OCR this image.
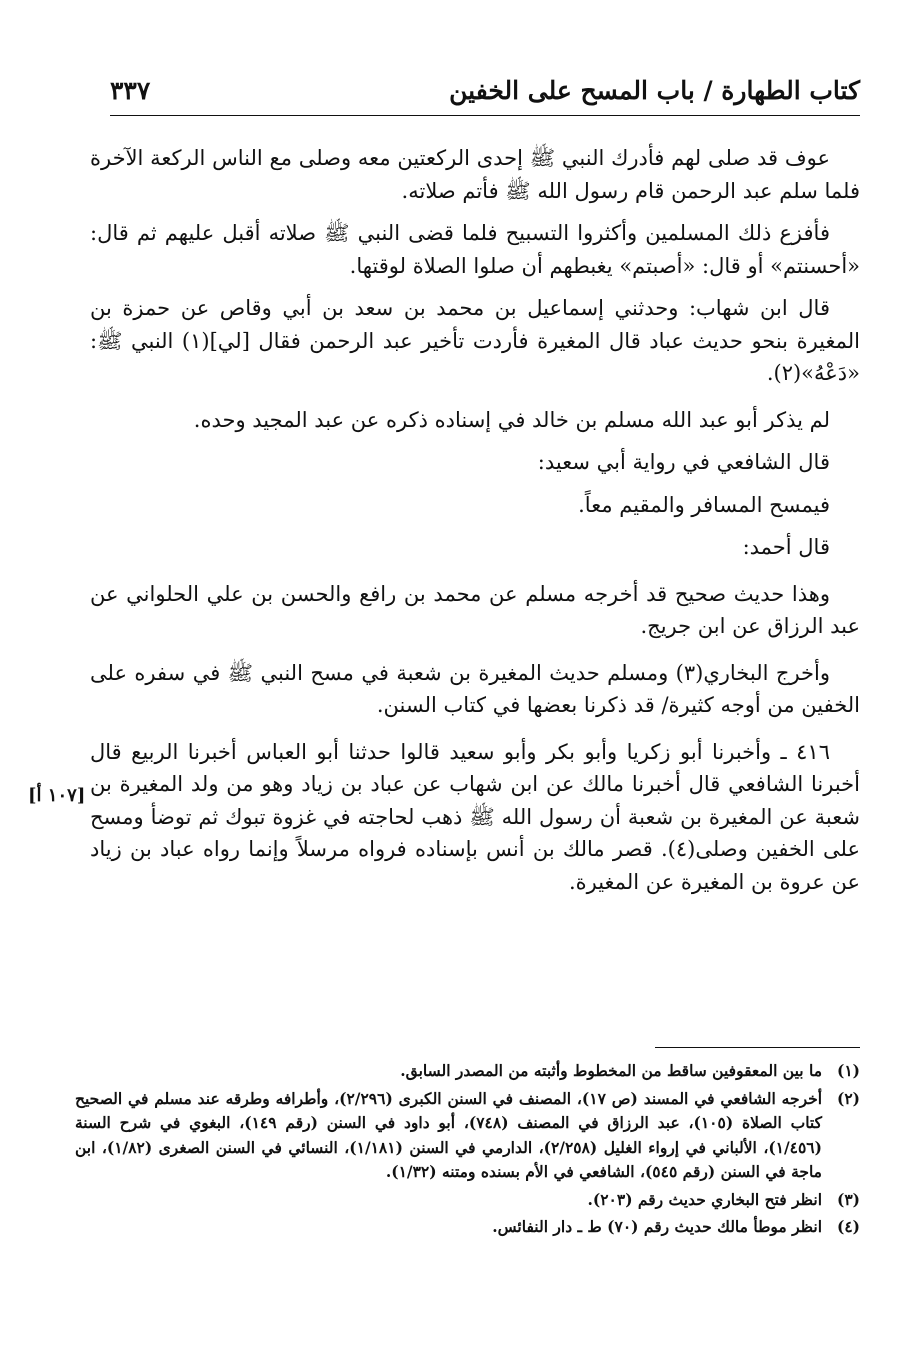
كتاب الطهارة / باب المسح على الخفين
٣٣٧

عوف قد صلى لهم فأدرك النبي ﷺ إحدى الركعتين معه وصلى مع الناس الركعة الآخرة فلما سلم عبد الرحمن قام رسول الله ﷺ فأتم صلاته.

فأفزع ذلك المسلمين وأكثروا التسبيح فلما قضى النبي ﷺ صلاته أقبل عليهم ثم قال: «أحسنتم» أو قال: «أصبتم» يغبطهم أن صلوا الصلاة لوقتها.

قال ابن شهاب: وحدثني إسماعيل بن محمد بن سعد بن أبي وقاص عن حمزة بن المغيرة بنحو حديث عباد قال المغيرة فأردت تأخير عبد الرحمن فقال [لي](١) النبي ﷺ: «دَعْهُ»(٢).

لم يذكر أبو عبد الله مسلم بن خالد في إسناده ذكره عن عبد المجيد وحده.

قال الشافعي في رواية أبي سعيد:

فيمسح المسافر والمقيم معاً.

قال أحمد:

وهذا حديث صحيح قد أخرجه مسلم عن محمد بن رافع والحسن بن علي الحلواني عن عبد الرزاق عن ابن جريج.

وأخرج البخاري(٣) ومسلم حديث المغيرة بن شعبة في مسح النبي ﷺ في سفره على الخفين من أوجه كثيرة/ قد ذكرنا بعضها في كتاب السنن.

٤١٦ ـ وأخبرنا أبو زكريا وأبو بكر وأبو سعيد قالوا حدثنا أبو العباس أخبرنا الربيع قال أخبرنا الشافعي قال أخبرنا مالك عن ابن شهاب عن عباد بن زياد وهو من ولد المغيرة بن شعبة عن المغيرة بن شعبة أن رسول الله ﷺ ذهب لحاجته في غزوة تبوك ثم توضأ ومسح على الخفين وصلى(٤). قصر مالك بن أنس بإسناده فرواه مرسلاً وإنما رواه عباد بن زياد عن عروة بن المغيرة عن المغيرة.

[١٠٧ أ]
(١)
ما بين المعقوفين ساقط من المخطوط وأثبته من المصدر السابق.
(٢)
أخرجه الشافعي في المسند (ص ١٧)، المصنف في السنن الكبرى (٢/٢٩٦)، وأطرافه وطرقه عند مسلم في الصحيح كتاب الصلاة (١٠٥)، عبد الرزاق في المصنف (٧٤٨)، أبو داود في السنن (رقم ١٤٩)، البغوي في شرح السنة (١/٤٥٦)، الألباني في إرواء الغليل (٢/٢٥٨)، الدارمي في السنن (١/١٨١)، النسائي في السنن الصغرى (١/٨٢)، ابن ماجة في السنن (رقم ٥٤٥)، الشافعي في الأم بسنده ومتنه (١/٣٢).
(٣)
انظر فتح البخاري حديث رقم (٢٠٣).
(٤)
انظر موطأ مالك حديث رقم (٧٠) ط ـ دار النفائس.
